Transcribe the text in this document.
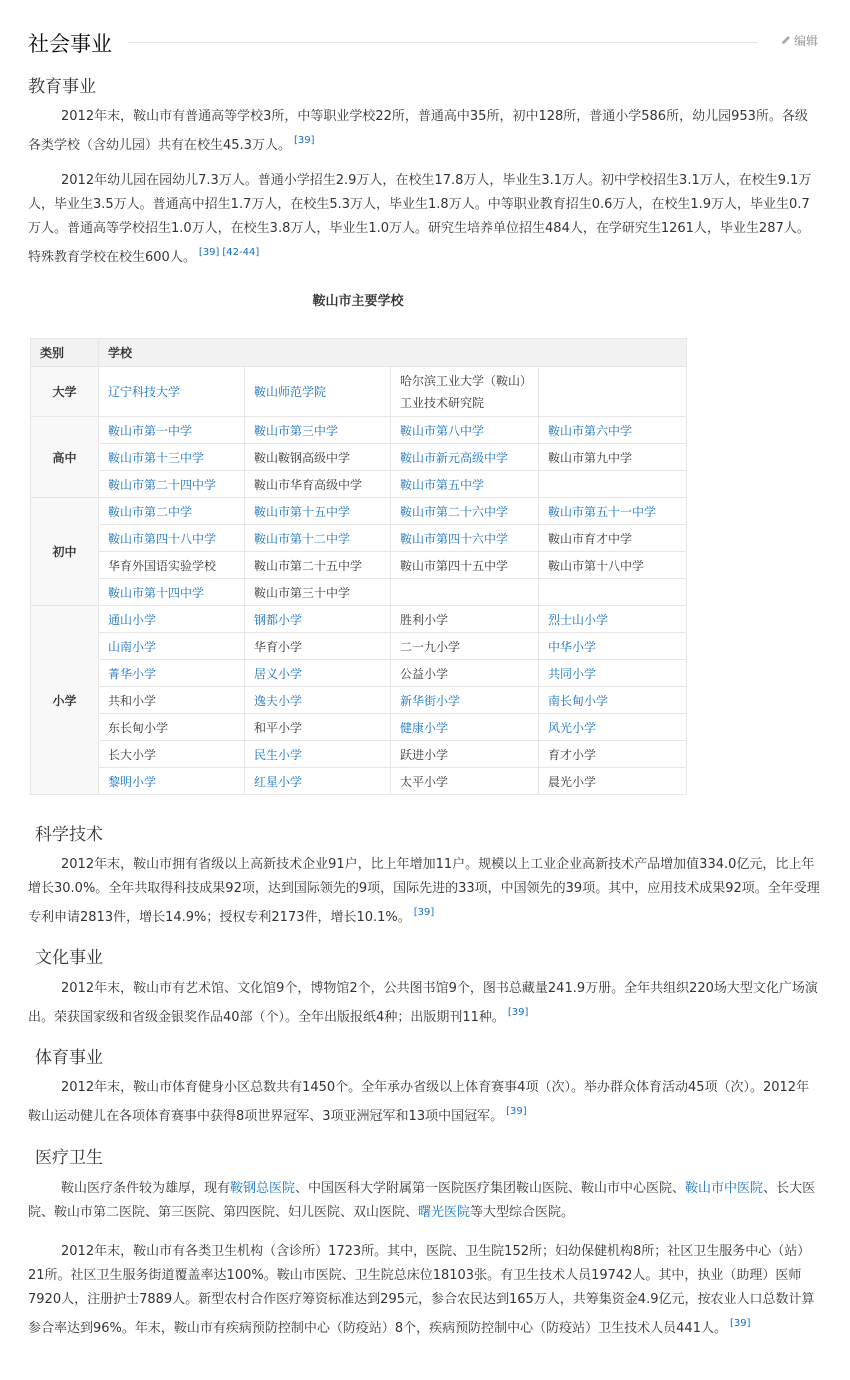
社会事业	编辑
教育事业

2012年末，鞍山市有普通高等学校3所，中等职业学校22所，普通高中35所，初中128所，普通小学586所，幼儿园953所。各级各类学校（含幼儿园）共有在校生45.3万人。 [39]

2012年幼儿园在园幼儿7.3万人。普通小学招生2.9万人，在校生17.8万人，毕业生3.1万人。初中学校招生3.1万人，在校生9.1万人，毕业生3.5万人。普通高中招生1.7万人，在校生5.3万人，毕业生1.8万人。中等职业教育招生0.6万人，在校生1.9万人，毕业生0.7万人。普通高等学校招生1.0万人，在校生3.8万人，毕业生1.0万人。研究生培养单位招生484人，在学研究生1261人，毕业生287人。特殊教育学校在校生600人。 [39] [42-44]

鞍山市主要学校
类别	学校			
大学	辽宁科技大学	鞍山师范学院	哈尔滨工业大学（鞍山）工业技术研究院	
高中	鞍山市第一中学	鞍山市第三中学	鞍山市第八中学	鞍山市第六中学
	鞍山市第十三中学	鞍山鞍钢高级中学	鞍山市新元高级中学	鞍山市第九中学
	鞍山市第二十四中学	鞍山市华育高级中学	鞍山市第五中学	
初中	鞍山市第二中学	鞍山市第十五中学	鞍山市第二十六中学	鞍山市第五十一中学
	鞍山市第四十八中学	鞍山市第十二中学	鞍山市第四十六中学	鞍山市育才中学
	华育外国语实验学校	鞍山市第二十五中学	鞍山市第四十五中学	鞍山市第十八中学
	鞍山市第十四中学	鞍山市第三十中学		
小学	通山小学	钢都小学	胜利小学	烈士山小学
	山南小学	华育小学	二一九小学	中华小学
	菁华小学	居义小学	公益小学	共同小学
	共和小学	逸夫小学	新华街小学	南长甸小学
	东长甸小学	和平小学	健康小学	风光小学
	长大小学	民生小学	跃进小学	育才小学
	黎明小学	红星小学	太平小学	晨光小学
科学技术

2012年末，鞍山市拥有省级以上高新技术企业91户，比上年增加11户。规模以上工业企业高新技术产品增加值334.0亿元，比上年增长30.0%。全年共取得科技成果92项，达到国际领先的9项，国际先进的33项，中国领先的39项。其中，应用技术成果92项。全年受理专利申请2813件，增长14.9%；授权专利2173件，增长10.1%。 [39]

文化事业

2012年末，鞍山市有艺术馆、文化馆9个，博物馆2个，公共图书馆9个，图书总藏量241.9万册。全年共组织220场大型文化广场演出。荣获国家级和省级金银奖作品40部（个）。全年出版报纸4种；出版期刊11种。 [39]

体育事业

2012年末，鞍山市体育健身小区总数共有1450个。全年承办省级以上体育赛事4项（次）。举办群众体育活动45项（次）。2012年鞍山运动健儿在各项体育赛事中获得8项世界冠军、3项亚洲冠军和13项中国冠军。 [39]

医疗卫生

鞍山医疗条件较为雄厚，现有鞍钢总医院、中国医科大学附属第一医院医疗集团鞍山医院、鞍山市中心医院、鞍山市中医院、长大医院、鞍山市第二医院、第三医院、第四医院、妇儿医院、双山医院、曙光医院等大型综合医院。

2012年末，鞍山市有各类卫生机构（含诊所）1723所。其中，医院、卫生院152所；妇幼保健机构8所；社区卫生服务中心（站）21所。社区卫生服务街道覆盖率达100%。鞍山市医院、卫生院总床位18103张。有卫生技术人员19742人。其中，执业（助理）医师7920人，注册护士7889人。新型农村合作医疗筹资标准达到295元，参合农民达到165万人，共筹集资金4.9亿元，按农业人口总数计算参合率达到96%。年末，鞍山市有疾病预防控制中心（防疫站）8个，疾病预防控制中心（防疫站）卫生技术人员441人。 [39]
